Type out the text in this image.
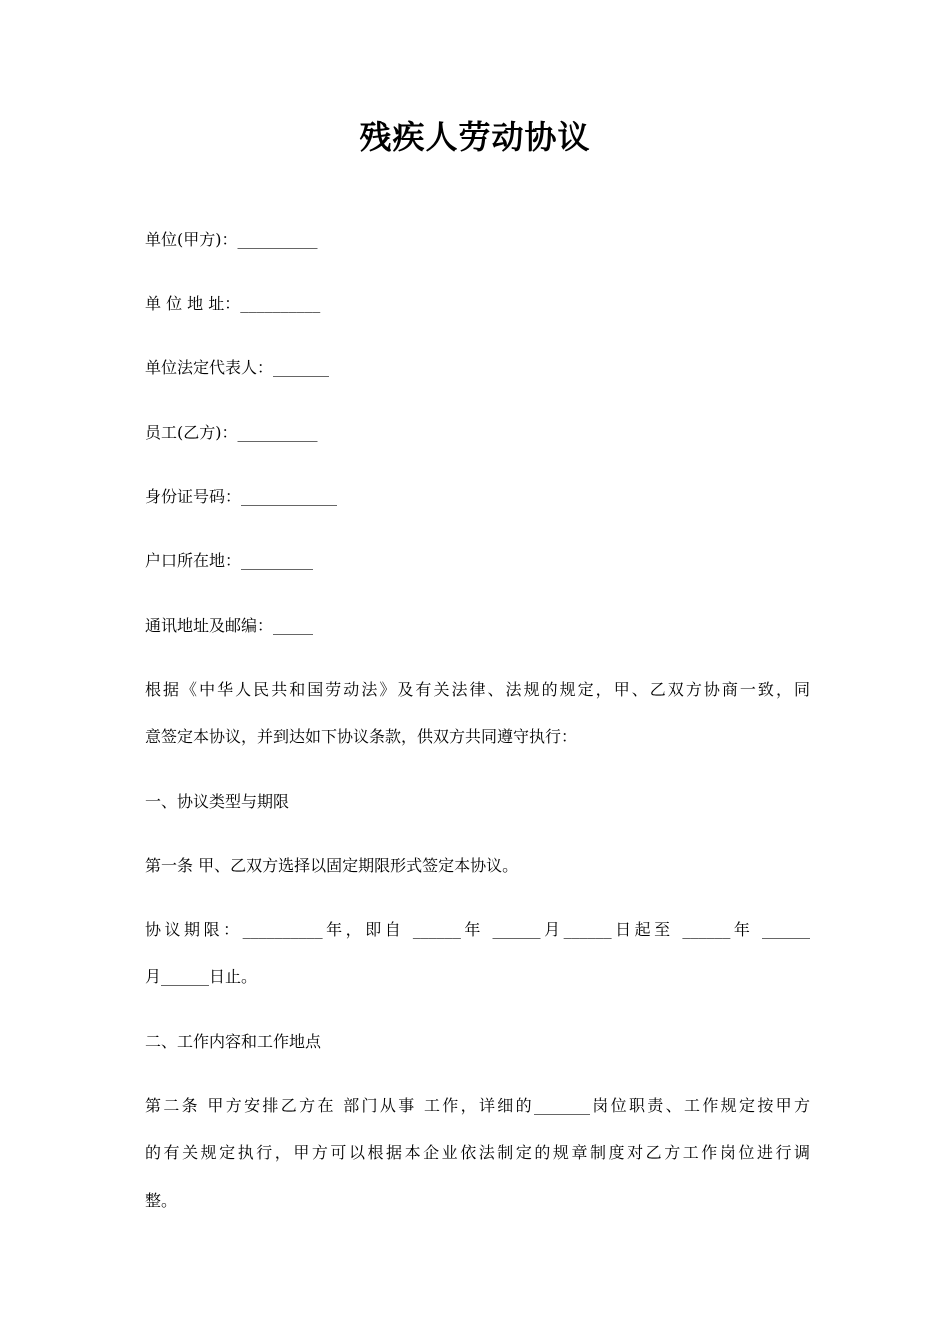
残疾人劳动协议

单位(甲方)：__________

单 位 地 址：__________

单位法定代表人：_______

员工(乙方)：__________

身份证号码：____________

户口所在地：_________

通讯地址及邮编：_____

根据《中华人民共和国劳动法》及有关法律、法规的规定，甲、乙双方协商一致，同

意签定本协议，并到达如下协议条款，供双方共同遵守执行：

一、协议类型与期限

第一条 甲、乙双方选择以固定期限形式签定本协议。

协议期限：__________年，即自 ______年 ______月______日起至 ______年 ______

月______日止。

二、工作内容和工作地点

第二条 甲方安排乙方在 部门从事 工作，详细的_______岗位职责、工作规定按甲方

的有关规定执行，甲方可以根据本企业依法制定的规章制度对乙方工作岗位进行调

整。
